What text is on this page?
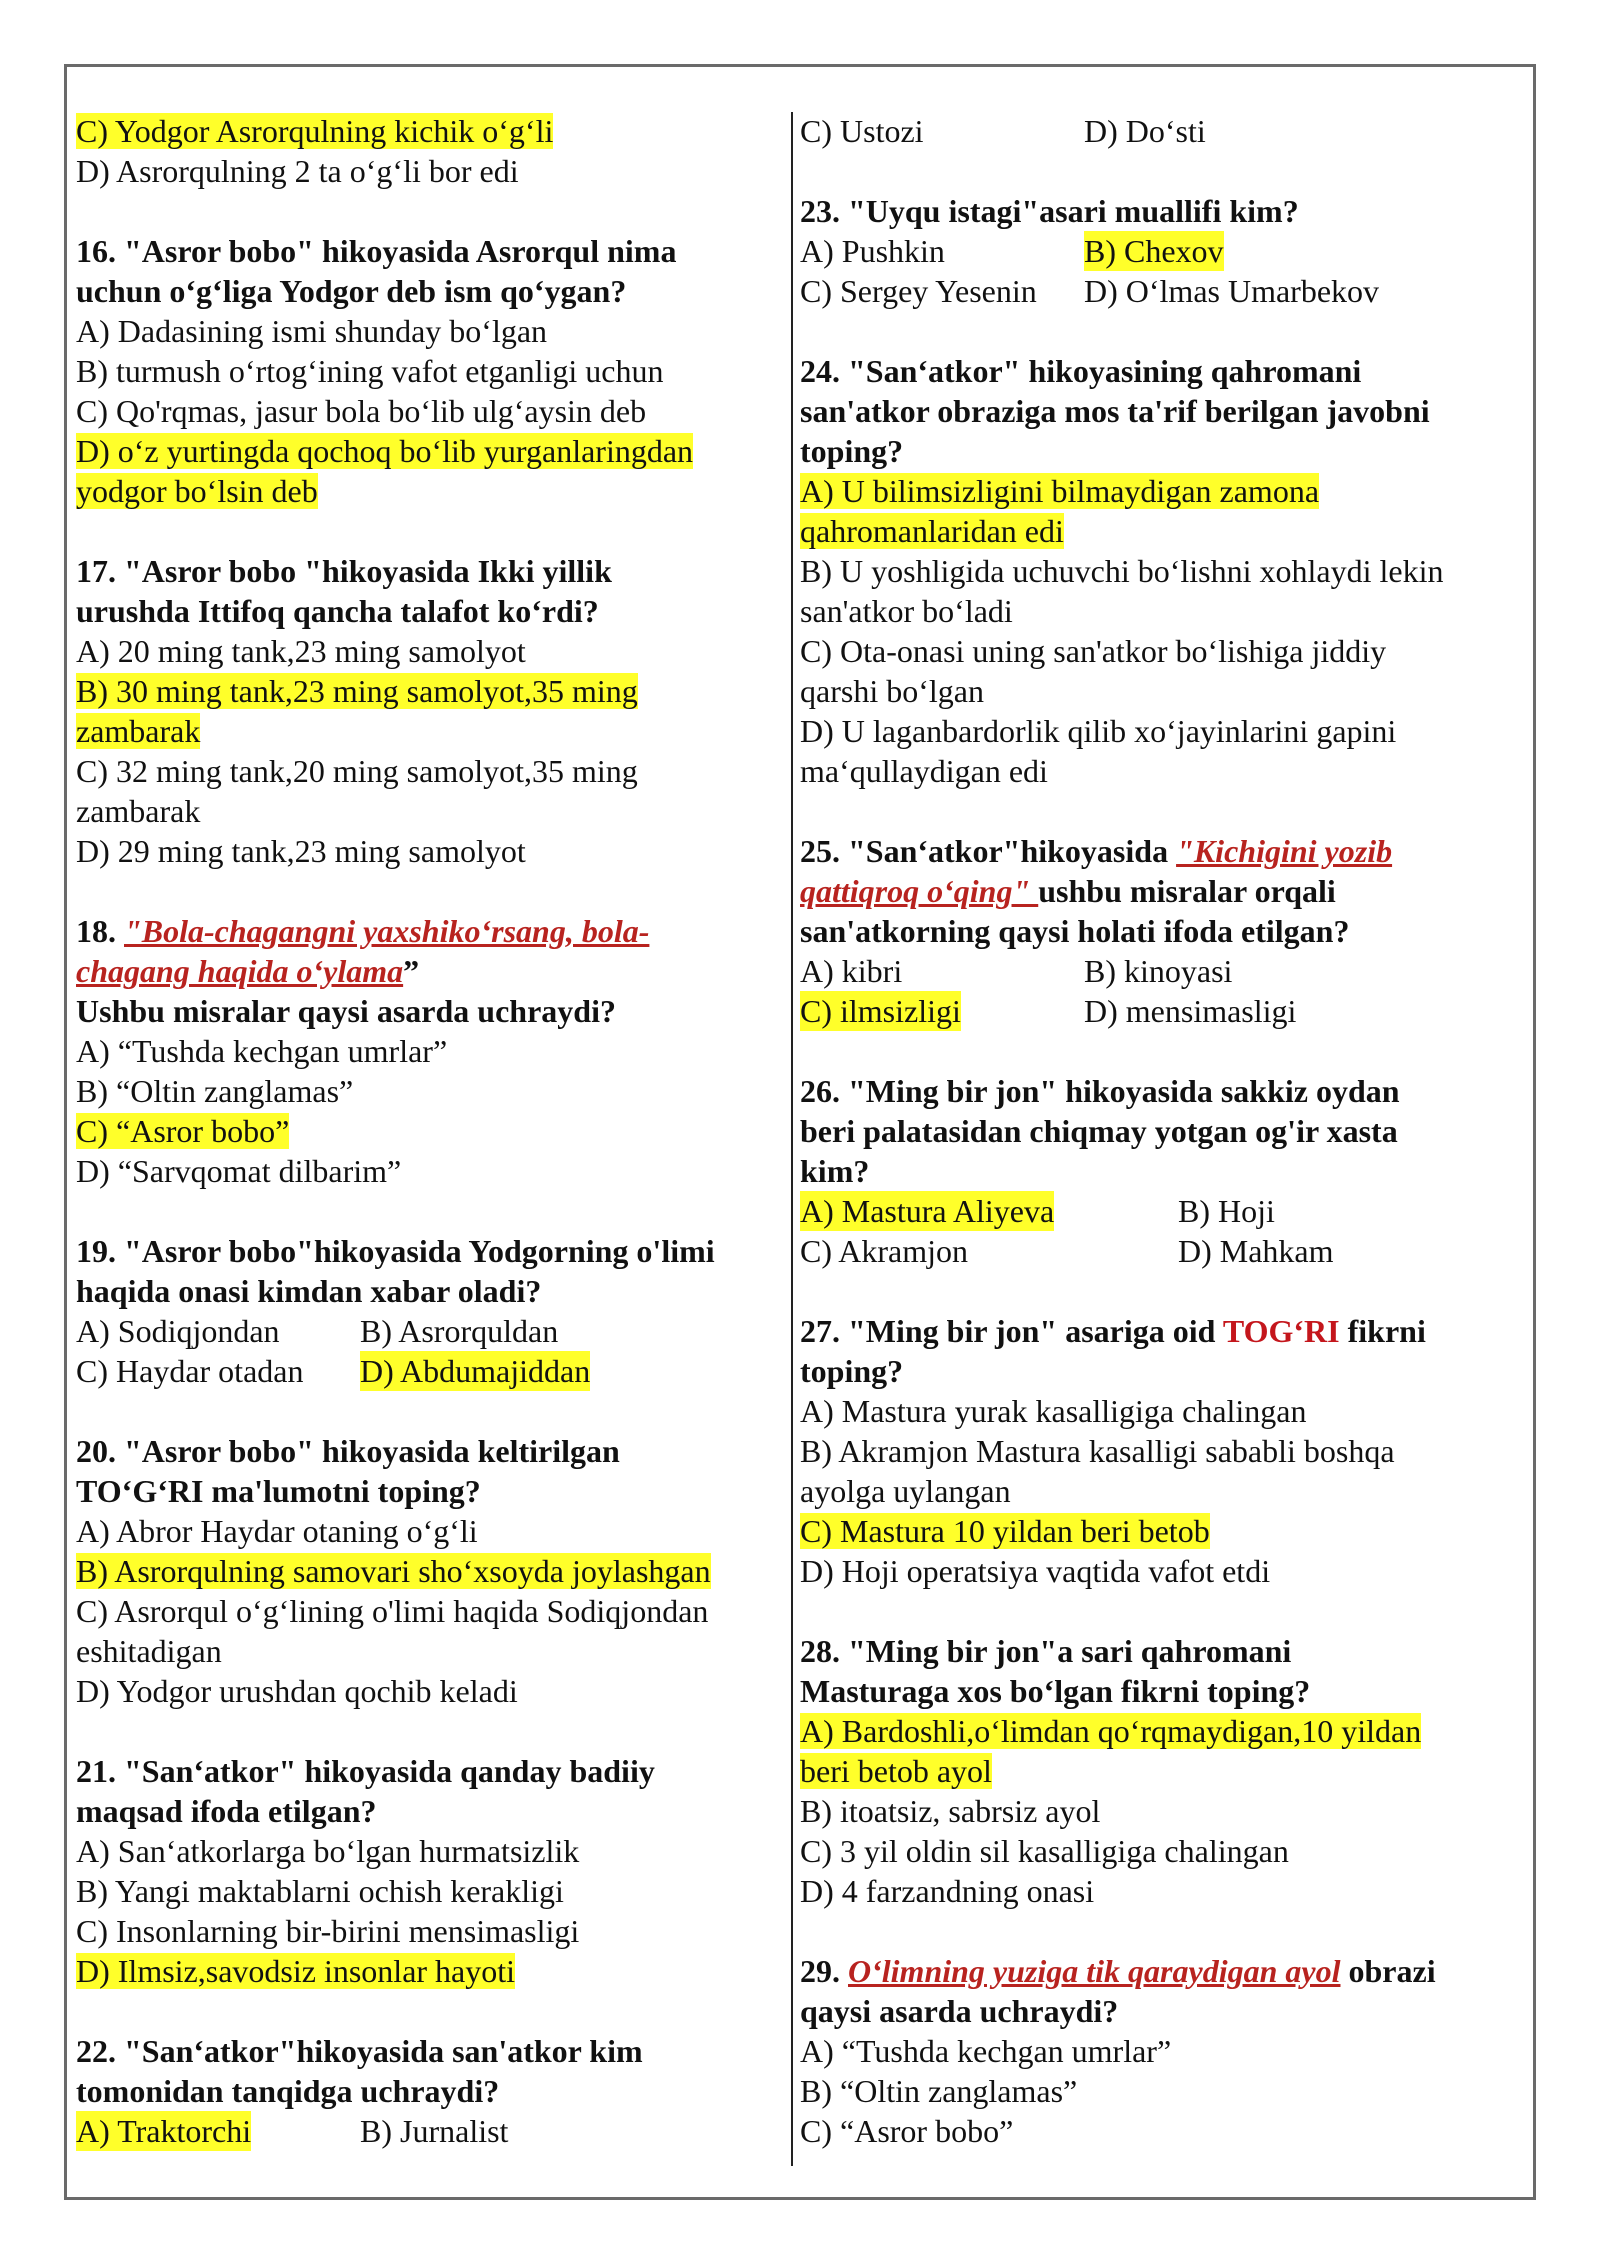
C) Yodgor Asrorqulning kichik o‘g‘li
D) Asrorqulning 2 ta o‘g‘li bor edi
16. "Asror bobo" hikoyasida Asrorqul nima
uchun o‘g‘liga Yodgor deb ism qo‘ygan?
A) Dadasining ismi shunday bo‘lgan
B) turmush o‘rtog‘ining vafot etganligi uchun
C) Qo'rqmas, jasur bola bo‘lib ulg‘aysin deb
D) o‘z yurtingda qochoq bo‘lib yurganlaringdan
yodgor bo‘lsin deb
17. "Asror bobo "hikoyasida Ikki yillik
urushda Ittifoq qancha talafot ko‘rdi?
A) 20 ming tank,23 ming samolyot
B) 30 ming tank,23 ming samolyot,35 ming
zambarak
C) 32 ming tank,20 ming samolyot,35 ming
zambarak
D) 29 ming tank,23 ming samolyot
18. "Bola-chagangni yaxshiko‘rsang, bola-
chagang haqida o‘ylama”
Ushbu misralar qaysi asarda uchraydi?
A) “Tushda kechgan umrlar”
B) “Oltin zanglamas”
C) “Asror bobo”
D) “Sarvqomat dilbarim”
19. "Asror bobo"hikoyasida Yodgorning o'limi
haqida onasi kimdan xabar oladi?
A) Sodiqjondan	B) Asrorquldan
C) Haydar otadan	D) Abdumajiddan
20. "Asror bobo" hikoyasida keltirilgan
TO‘G‘RI ma'lumotni toping?
A) Abror Haydar otaning o‘g‘li
B) Asrorqulning samovari sho‘xsoyda joylashgan
C) Asrorqul o‘g‘lining o'limi haqida Sodiqjondan
eshitadigan
D) Yodgor urushdan qochib keladi
21. "San‘atkor" hikoyasida qanday badiiy
maqsad ifoda etilgan?
A) San‘atkorlarga bo‘lgan hurmatsizlik
B) Yangi maktablarni ochish kerakligi
C) Insonlarning bir-birini mensimasligi
D) Ilmsiz,savodsiz insonlar hayoti
22. "San‘atkor"hikoyasida san'atkor kim
tomonidan tanqidga uchraydi?
A) Traktorchi	B) Jurnalist
C) Ustozi	D) Do‘sti
23. "Uyqu istagi"asari muallifi kim?
A) Pushkin	B) Chexov
C) Sergey Yesenin	D) O‘lmas Umarbekov
24. "San‘atkor" hikoyasining qahromani
san'atkor obraziga mos ta'rif berilgan javobni
toping?
A) U bilimsizligini bilmaydigan zamona
qahromanlaridan edi
B) U yoshligida uchuvchi bo‘lishni xohlaydi lekin
san'atkor bo‘ladi
C) Ota-onasi uning san'atkor bo‘lishiga jiddiy
qarshi bo‘lgan
D) U laganbardorlik qilib xo‘jayinlarini gapini
ma‘qullaydigan edi
25. "San‘atkor"hikoyasida "Kichigini yozib
qattiqroq o‘qing" ushbu misralar orqali
san'atkorning qaysi holati ifoda etilgan?
A) kibri	B) kinoyasi
C) ilmsizligi	D) mensimasligi
26. "Ming bir jon" hikoyasida sakkiz oydan
beri palatasidan chiqmay yotgan og'ir xasta
kim?
A) Mastura Aliyeva	B) Hoji
C) Akramjon	D) Mahkam
27. "Ming bir jon" asariga oid TOG‘RI fikrni
toping?
A) Mastura yurak kasalligiga chalingan
B) Akramjon Mastura kasalligi sababli boshqa
ayolga uylangan
C) Mastura 10 yildan beri betob
D) Hoji operatsiya vaqtida vafot etdi
28. "Ming bir jon"a sari qahromani
Masturaga xos bo‘lgan fikrni toping?
A) Bardoshli,o‘limdan qo‘rqmaydigan,10 yildan
beri betob ayol
B) itoatsiz, sabrsiz ayol
C) 3 yil oldin sil kasalligiga chalingan
D) 4 farzandning onasi
29. O‘limning yuziga tik qaraydigan ayol obrazi
qaysi asarda uchraydi?
A) “Tushda kechgan umrlar”
B) “Oltin zanglamas”
C) “Asror bobo”
